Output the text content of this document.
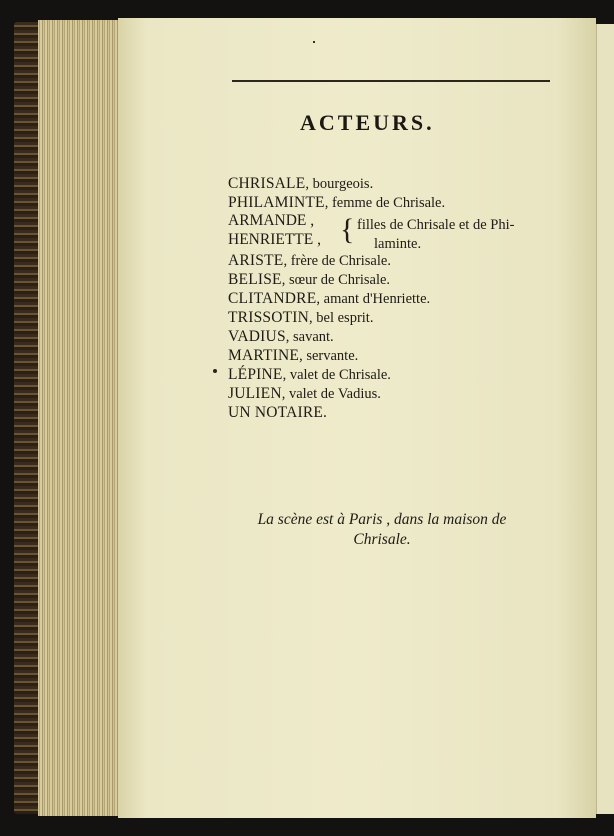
ACTEURS.
CHRISALE, bourgeois.
PHILAMINTE, femme de Chrisale.
ARISTE, frère de Chrisale.
BELISE, sœur de Chrisale.
CLITANDRE, amant d'Henriette.
TRISSOTIN, bel esprit.
VADIUS, savant.
MARTINE, servante.
LÉPINE, valet de Chrisale.
JULIEN, valet de Vadius.
UN NOTAIRE.
ARMANDE ,
HENRIETTE , { filles de Chrisale et de Phi-
laminte.
La scène est à Paris , dans la maison de
Chrisale.
